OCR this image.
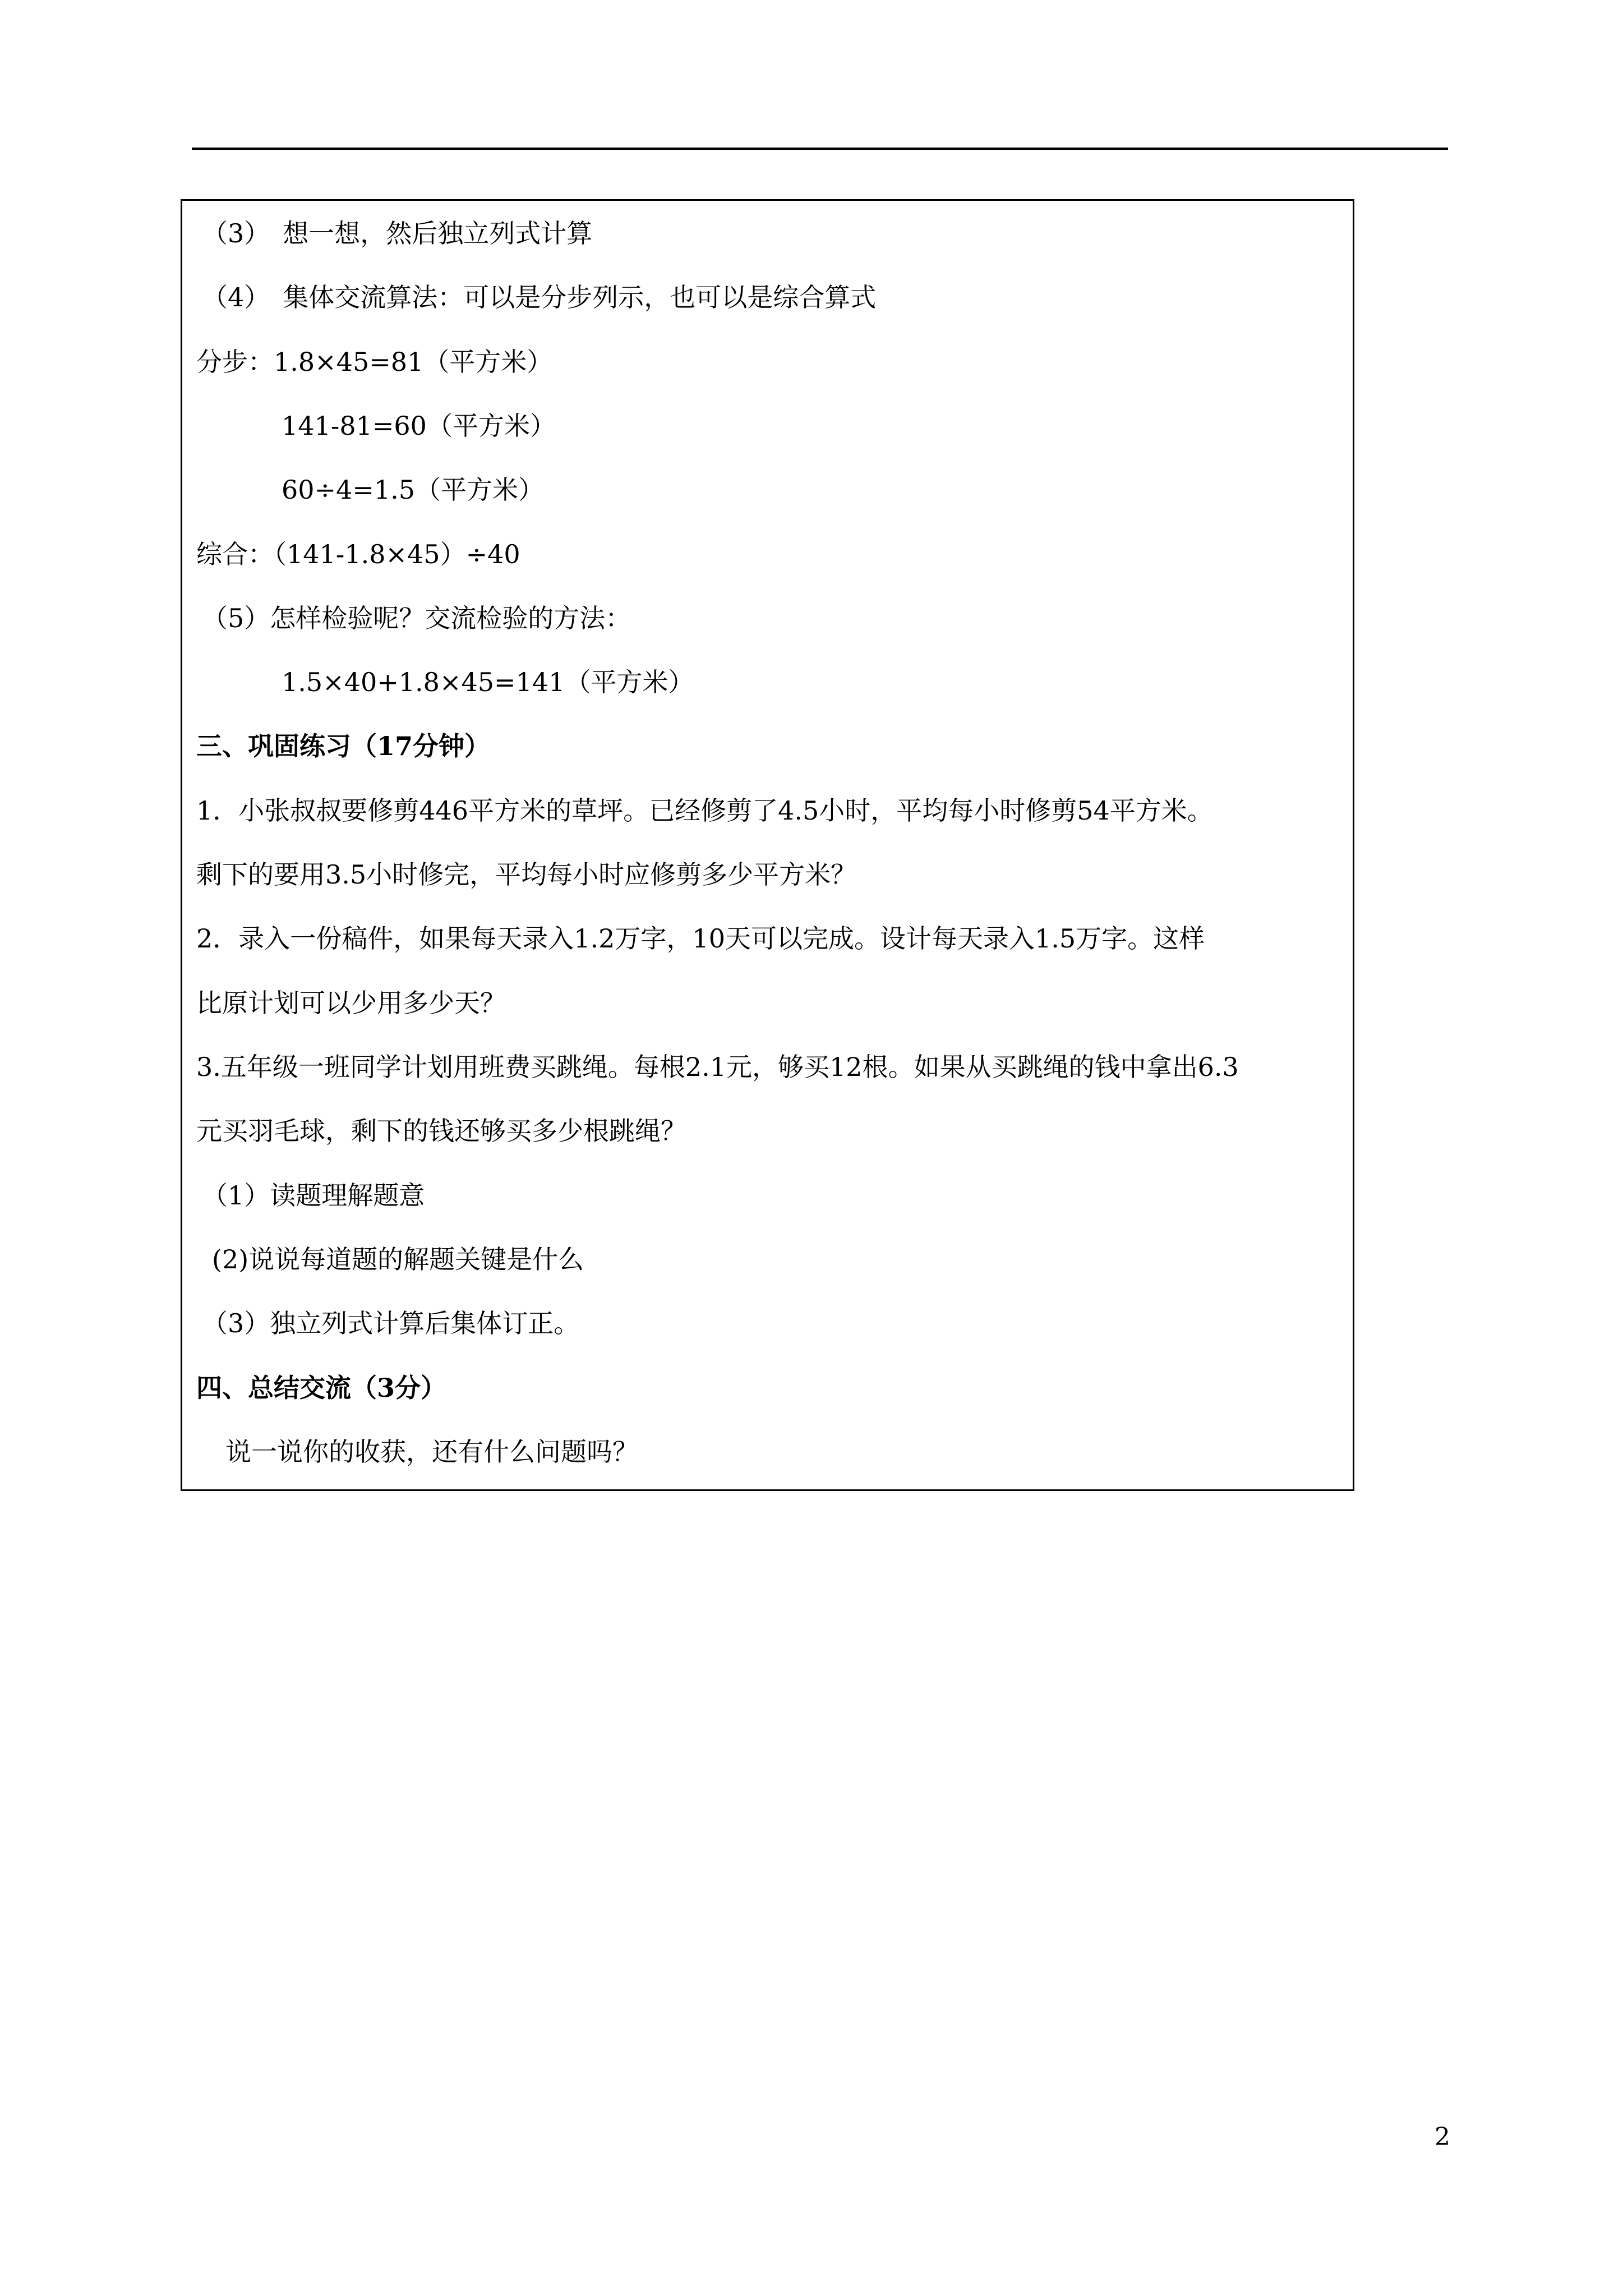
（3）　想一想，然后独立列式计算

（4）　集体交流算法：可以是分步列示，也可以是综合算式

分步：1.8×45=81（平方米）

141-81=60（平方米）

60÷4=1.5（平方米）

综合：（141-1.8×45）÷40

（5）怎样检验呢？交流检验的方法：

1.5×40+1.8×45=141（平方米）

三、巩固练习（17分钟）

1．小张叔叔要修剪446平方米的草坪。已经修剪了4.5小时，平均每小时修剪54平方米。

剩下的要用3.5小时修完，平均每小时应修剪多少平方米？

2．录入一份稿件，如果每天录入1.2万字，10天可以完成。设计每天录入1.5万字。这样

比原计划可以少用多少天？

3.五年级一班同学计划用班费买跳绳。每根2.1元，够买12根。如果从买跳绳的钱中拿出6.3

元买羽毛球，剩下的钱还够买多少根跳绳？

（1）读题理解题意

(2)说说每道题的解题关键是什么

（3）独立列式计算后集体订正。

四、总结交流（3分）

说一说你的收获，还有什么问题吗？

2
